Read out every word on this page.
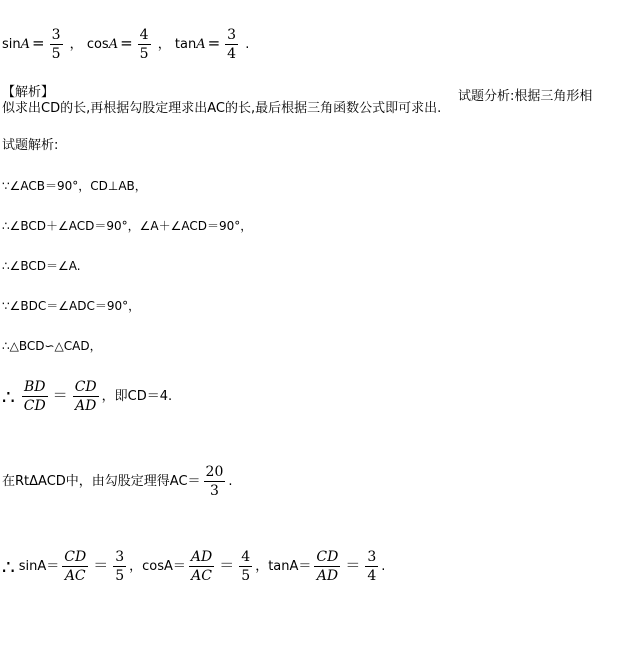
$\sin A = \frac{3}{5}$ ， $\cos A = \frac{4}{5}$ ， $\tan A = \frac{3}{4}$ .
【解析】	试题分析:根据三角形相
似求出CD的长,再根据勾股定理求出AC的长,最后根据三角函数公式即可求出.
试题解析:
∵∠ACB＝90°，CD⊥AB，
∴∠BCD＋∠ACD＝90°，∠A＋∠ACD＝90°，
∴∠BCD＝∠A.
∵∠BDC＝∠ADC＝90°，
∴△BCD∽△CAD，
∴ $\frac{BD}{CD} = \frac{CD}{AD}$ ，即CD＝4.
在RtΔACD中，由勾股定理得$AC= \frac{20}{3}$ .
∴ $\sin A= \frac{CD}{AC} = \frac{3}{5}$ ，$\cos A= \frac{AD}{AC} = \frac{4}{5}$ ，$\tan A= \frac{CD}{AD} = \frac{3}{4}$ .
